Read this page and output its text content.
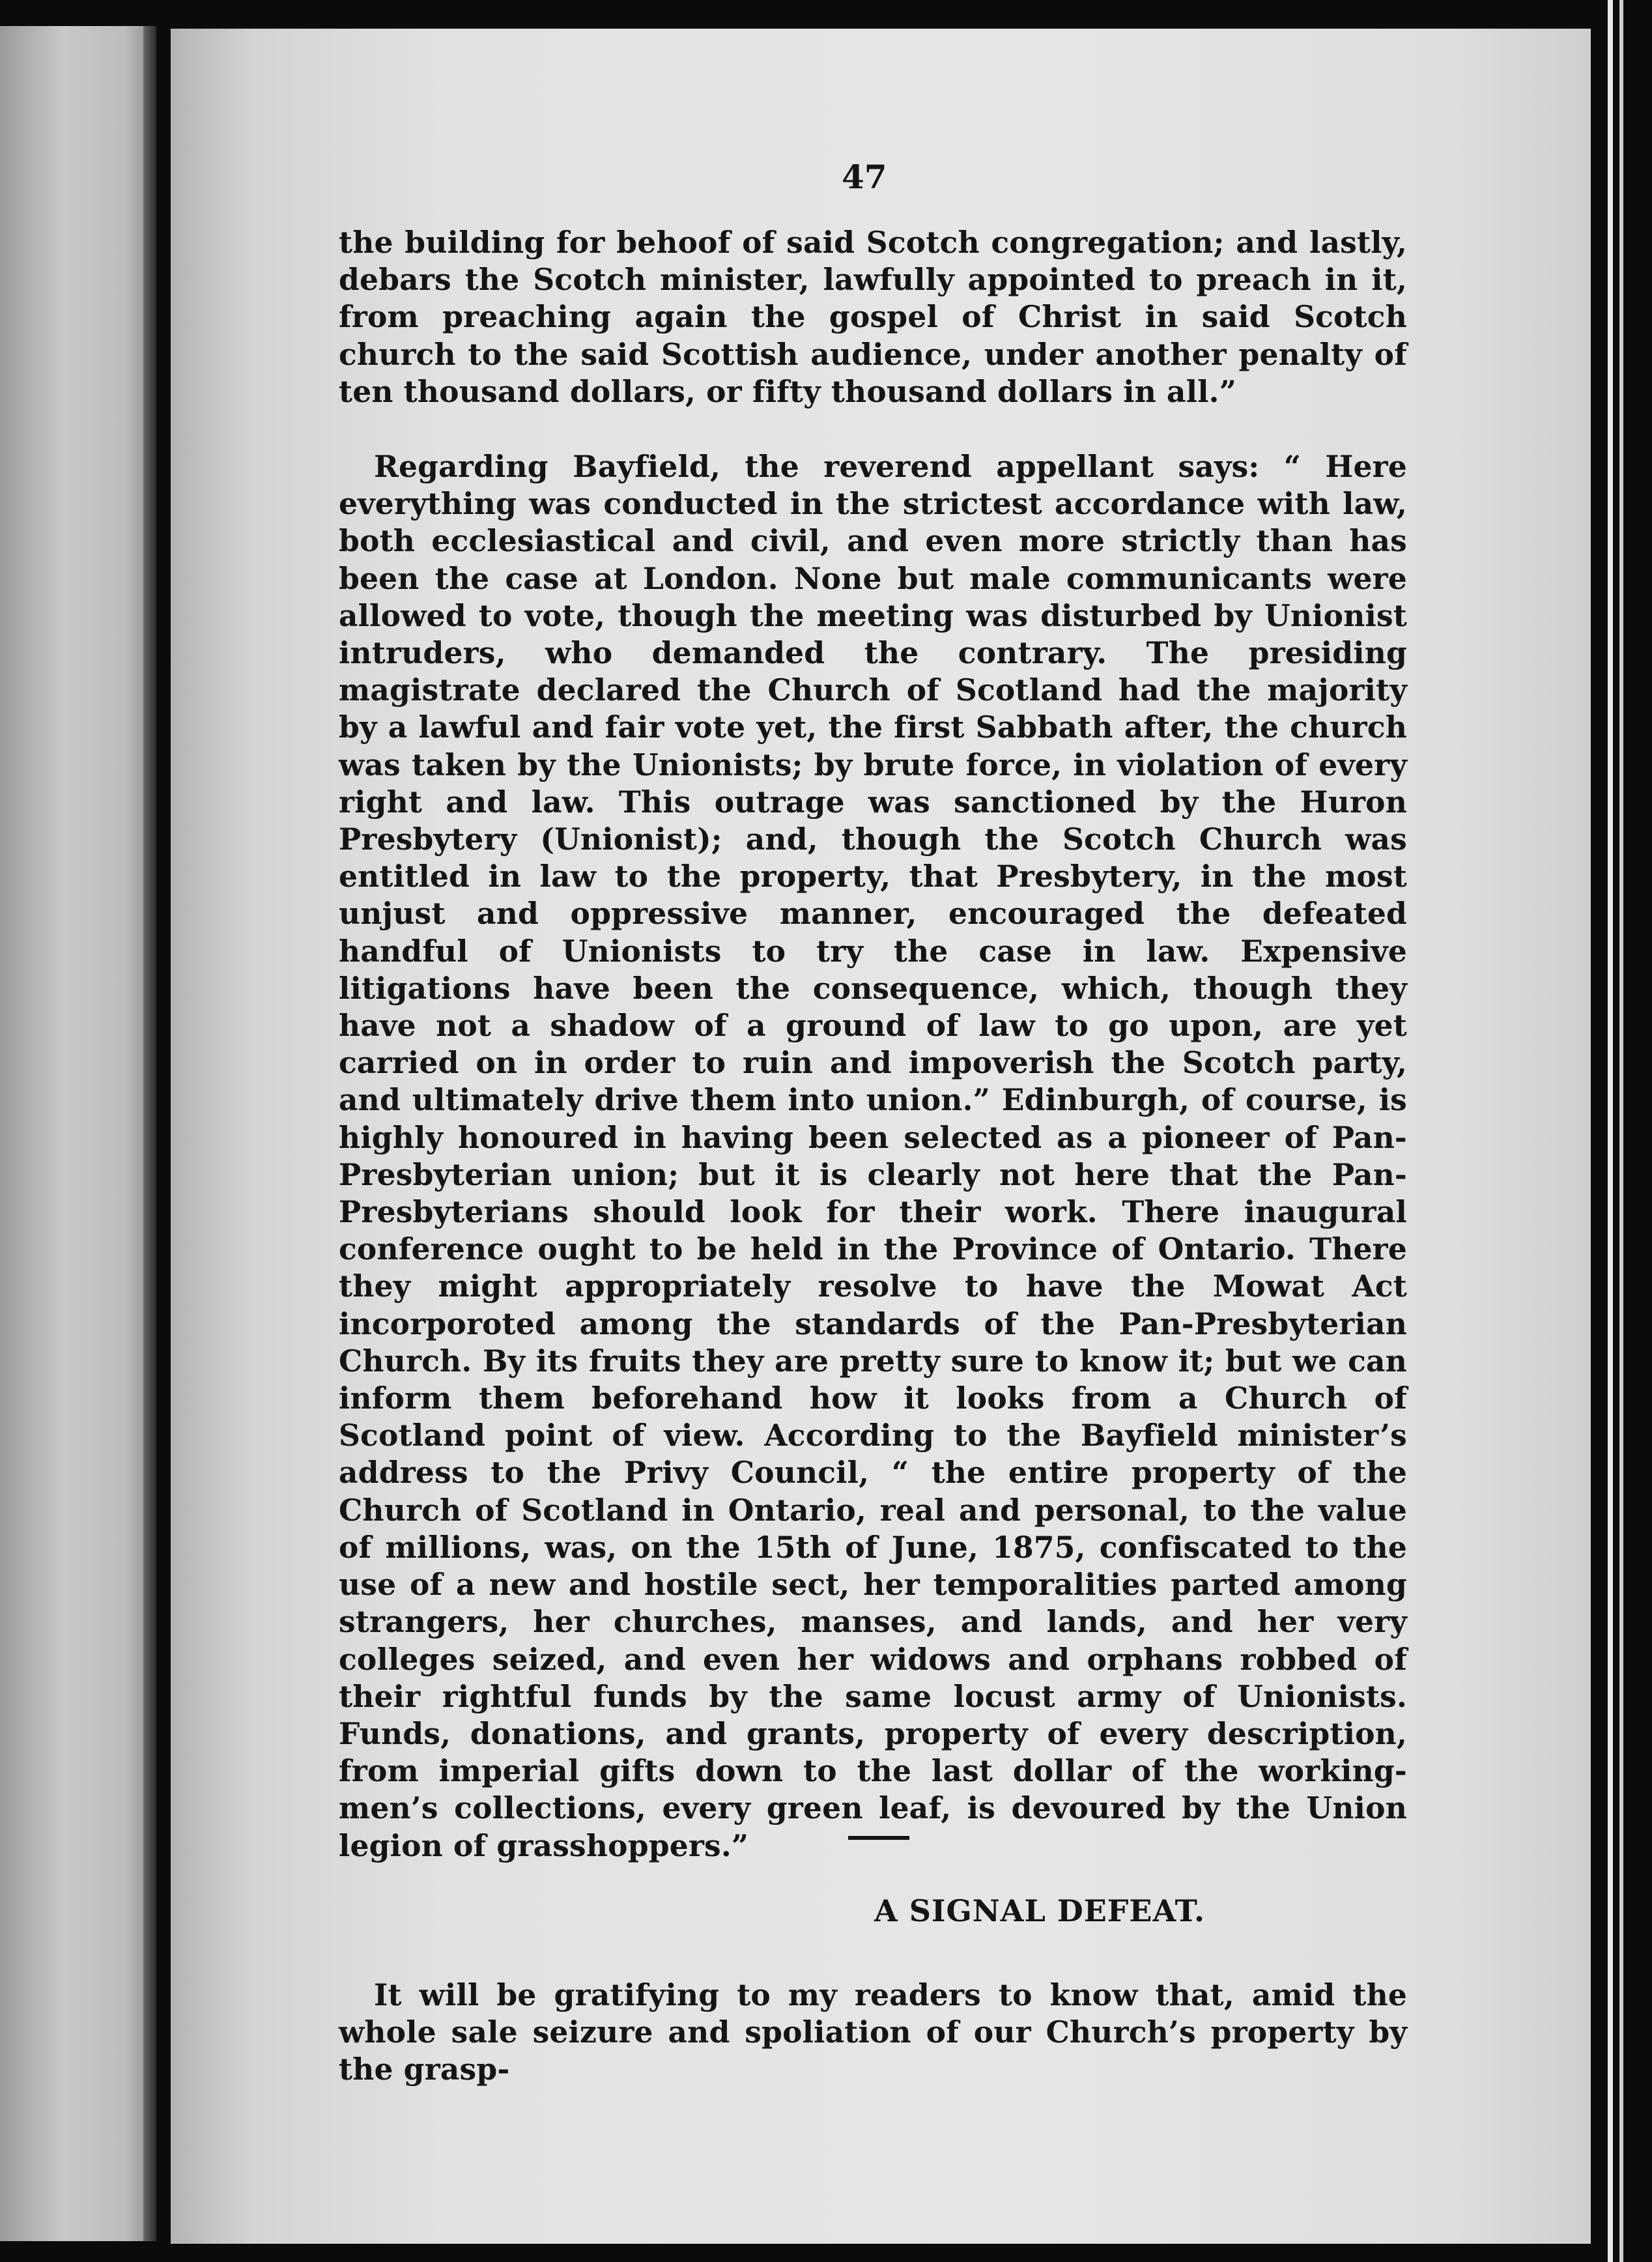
47

the building for behoof of said Scotch congregation; and lastly, debars the Scotch minister, lawfully appointed to preach in it, from preaching again the gospel of Christ in said Scotch church to the said Scottish audience, under another penalty of ten thousand dollars, or fifty thousand dollars in all.”

Regarding Bayfield, the reverend appellant says: “ Here everything was conducted in the strictest accordance with law, both ecclesiastical and civil, and even more strictly than has been the case at London. None but male communicants were allowed to vote, though the meeting was disturbed by Unionist intruders, who demanded the contrary. The presiding magistrate declared the Church of Scotland had the majority by a lawful and fair vote yet, the first Sabbath after, the church was taken by the Unionists; by brute force, in violation of every right and law. This outrage was sanctioned by the Huron Presbytery (Unionist); and, though the Scotch Church was entitled in law to the property, that Presbytery, in the most unjust and oppressive manner, encouraged the defeated handful of Unionists to try the case in law. Expensive litigations have been the consequence, which, though they have not a shadow of a ground of law to go upon, are yet carried on in order to ruin and impoverish the Scotch party, and ultimately drive them into union.” Edinburgh, of course, is highly honoured in having been selected as a pioneer of Pan-Presbyterian union; but it is clearly not here that the Pan-Presbyterians should look for their work. There inaugural conference ought to be held in the Province of Ontario. There they might appropriately resolve to have the Mowat Act incorporoted among the standards of the Pan-Presbyterian Church. By its fruits they are pretty sure to know it; but we can inform them beforehand how it looks from a Church of Scotland point of view. According to the Bayfield minister’s address to the Privy Council, “ the entire property of the Church of Scotland in Ontario, real and personal, to the value of millions, was, on the 15th of June, 1875, confiscated to the use of a new and hostile sect, her temporalities parted among strangers, her churches, manses, and lands, and her very colleges seized, and even her widows and orphans robbed of their rightful funds by the same locust army of Unionists. Funds, donations, and grants, property of every description, from imperial gifts down to the last dollar of the working-men’s collections, every green leaf, is devoured by the Union legion of grasshoppers.”

It will be gratifying to my readers to know that, amid the whole sale seizure and spoliation of our Church’s property by the grasp-

A SIGNAL DEFEAT.
